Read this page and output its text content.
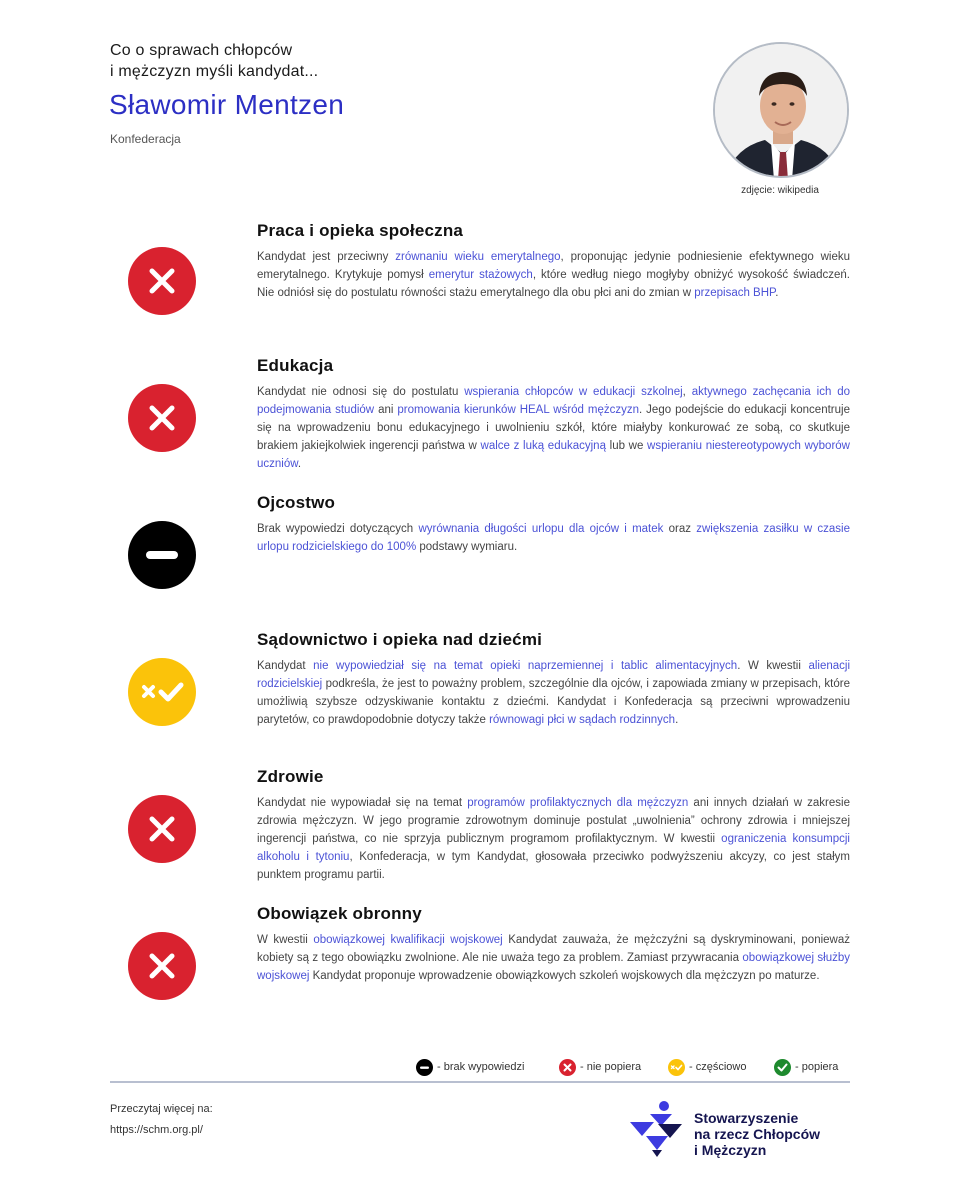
Co o sprawach chłopców
i mężczyzn myśli kandydat...
Sławomir Mentzen
Konfederacja
zdjęcie: wikipedia
Praca i opieka społeczna

Kandydat jest przeciwny zrównaniu wieku emerytalnego, proponując jedynie podniesienie efektywnego wieku emerytalnego. Krytykuje pomysł emerytur stażowych, które według niego mogłyby obniżyć wysokość świadczeń. Nie odniósł się do postulatu równości stażu emerytalnego dla obu płci ani do zmian w przepisach BHP.

Edukacja

Kandydat nie odnosi się do postulatu wspierania chłopców w edukacji szkolnej, aktywnego zachęcania ich do podejmowania studiów ani promowania kierunków HEAL wśród mężczyzn. Jego podejście do edukacji koncentruje się na wprowadzeniu bonu edukacyjnego i uwolnieniu szkół, które miałyby konkurować ze sobą, co skutkuje brakiem jakiejkolwiek ingerencji państwa w walce z luką edukacyjną lub we wspieraniu niestereotypowych wyborów uczniów.

Ojcostwo

Brak wypowiedzi dotyczących wyrównania długości urlopu dla ojców i matek oraz zwiększenia zasiłku w czasie urlopu rodzicielskiego do 100% podstawy wymiaru.

Sądownictwo i opieka nad dziećmi

Kandydat nie wypowiedział się na temat opieki naprzemiennej i tablic alimentacyjnych. W kwestii alienacji rodzicielskiej podkreśla, że jest to poważny problem, szczególnie dla ojców, i zapowiada zmiany w przepisach, które umożliwią szybsze odzyskiwanie kontaktu z dziećmi. Kandydat i Konfederacja są przeciwni wprowadzeniu parytetów, co prawdopodobnie dotyczy także równowagi płci w sądach rodzinnych.

Zdrowie

Kandydat nie wypowiadał się na temat programów profilaktycznych dla mężczyzn ani innych działań w zakresie zdrowia mężczyzn. W jego programie zdrowotnym dominuje postulat „uwolnienia” ochrony zdrowia i mniejszej ingerencji państwa, co nie sprzyja publicznym programom profilaktycznym. W kwestii ograniczenia konsumpcji alkoholu i tytoniu, Konfederacja, w tym Kandydat, głosowała przeciwko podwyższeniu akcyzy, co jest stałym punktem programu partii.

Obowiązek obronny

W kwestii obowiązkowej kwalifikacji wojskowej Kandydat zauważa, że mężczyźni są dyskryminowani, ponieważ kobiety są z tego obowiązku zwolnione. Ale nie uważa tego za problem. Zamiast przywracania obowiązkowej służby wojskowej Kandydat proponuje wprowadzenie obowiązkowych szkoleń wojskowych dla mężczyzn po maturze.

- brak wypowiedzi	- nie popiera	- częściowo	- popiera
Przeczytaj więcej na:
https://schm.org.pl/
Stowarzyszenie
na rzecz Chłopców
i Mężczyzn
